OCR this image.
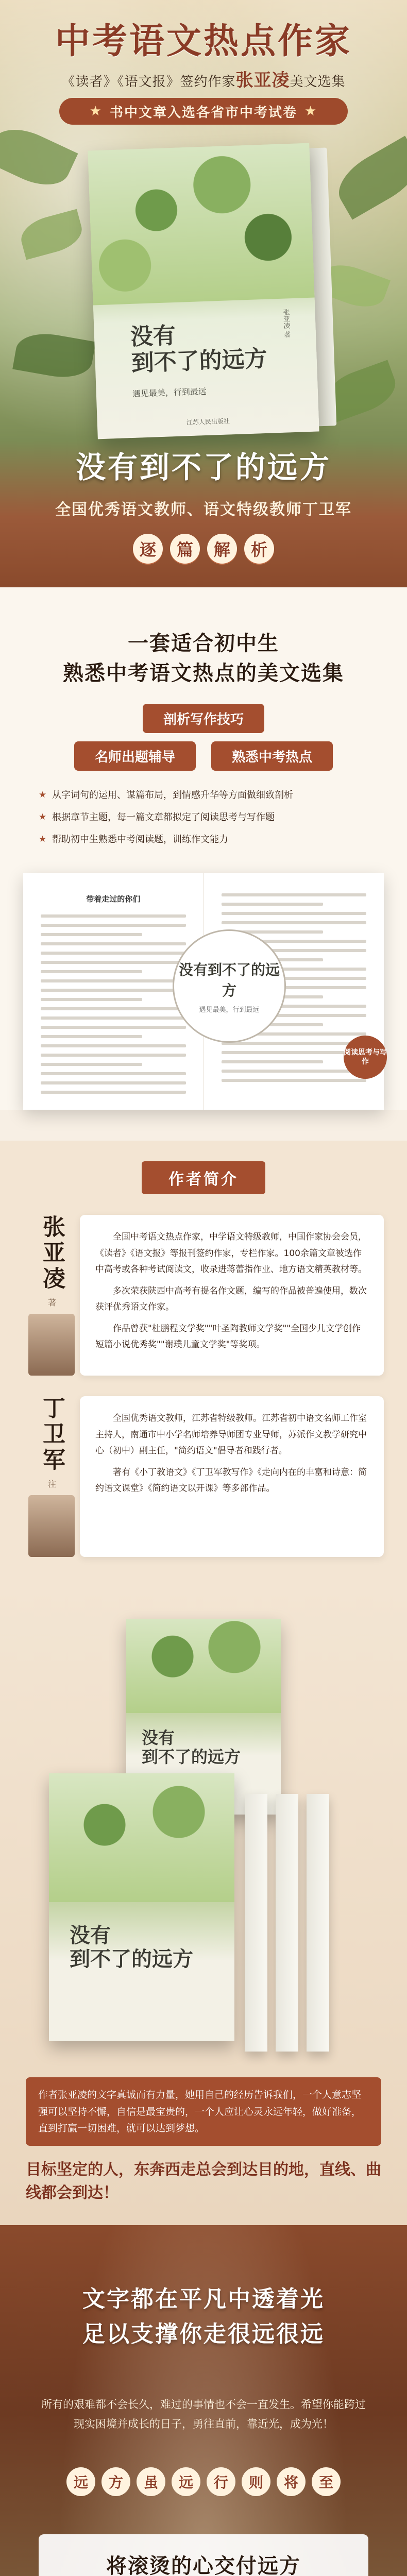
中考语文热点作家
《读者》《语文报》签约作家张亚凌美文选集
★ 书中文章入选各省市中考试卷 ★
没有
到不了的远方
遇见最美，行到最远
张亚凌 著
江苏人民出版社
没有到不了的远方
全国优秀语文教师、语文特级教师丁卫军
逐	篇	解	析
一套适合初中生
熟悉中考语文热点的美文选集
剖析写作技巧
名师出题辅导	熟悉中考热点
★ 从字词句的运用、谋篇布局，到情感升华等方面做细致剖析
★ 根据章节主题，每一篇文章都拟定了阅读思考与写作题
★ 帮助初中生熟悉中考阅读题，训练作文能力
带着走过的你们
没有到不了的远方
遇见最美，行到最远
阅读思考与写作
作者简介
张亚凌
著

全国中考语文热点作家，中学语文特级教师，中国作家协会会员，《读者》《语文报》等报刊签约作家，专栏作家。100余篇文章被选作中高考或各种考试阅读文，收录进蒋蕾指作业、地方语文精英教材等。

多次荣获陕西中高考有提名作文题，编写的作品被普遍使用，数次获评优秀语文作家。

作品曾获"杜鹏程文学奖""叶圣陶教师文学奖""全国少儿文学创作短篇小说优秀奖""谢璞儿童文学奖"等奖项。

丁卫军
注

全国优秀语文教师，江苏省特级教师。江苏省初中语文名师工作室主持人，南通市中小学名师培养导师团专业导师，苏派作文教学研究中心（初中）副主任，"简约语文"倡导者和践行者。

著有《小丁教语文》《丁卫军教写作》《走向内在的丰富和诗意：简约语文课堂》《简约语文以开课》等多部作品。

没有
到不了的远方
没有
到不了的远方
作者张亚凌的文字真诚而有力量，她用自己的经历告诉我们，一个人意志坚强可以坚持不懈，自信是最宝贵的，一个人应让心灵永远年轻，做好准备，直到打赢一切困难，就可以达到梦想。
目标坚定的人，东奔西走总会到达目的地，直线、曲线都会到达！
文字都在平凡中透着光
足以支撑你走很远很远
所有的艰难都不会长久，难过的事情也不会一直发生。希望你能跨过现实困境并成长的日子，勇往直前，靠近光，成为光！
远	方	虽	远	行	则	将	至
将滚烫的心交付远方
